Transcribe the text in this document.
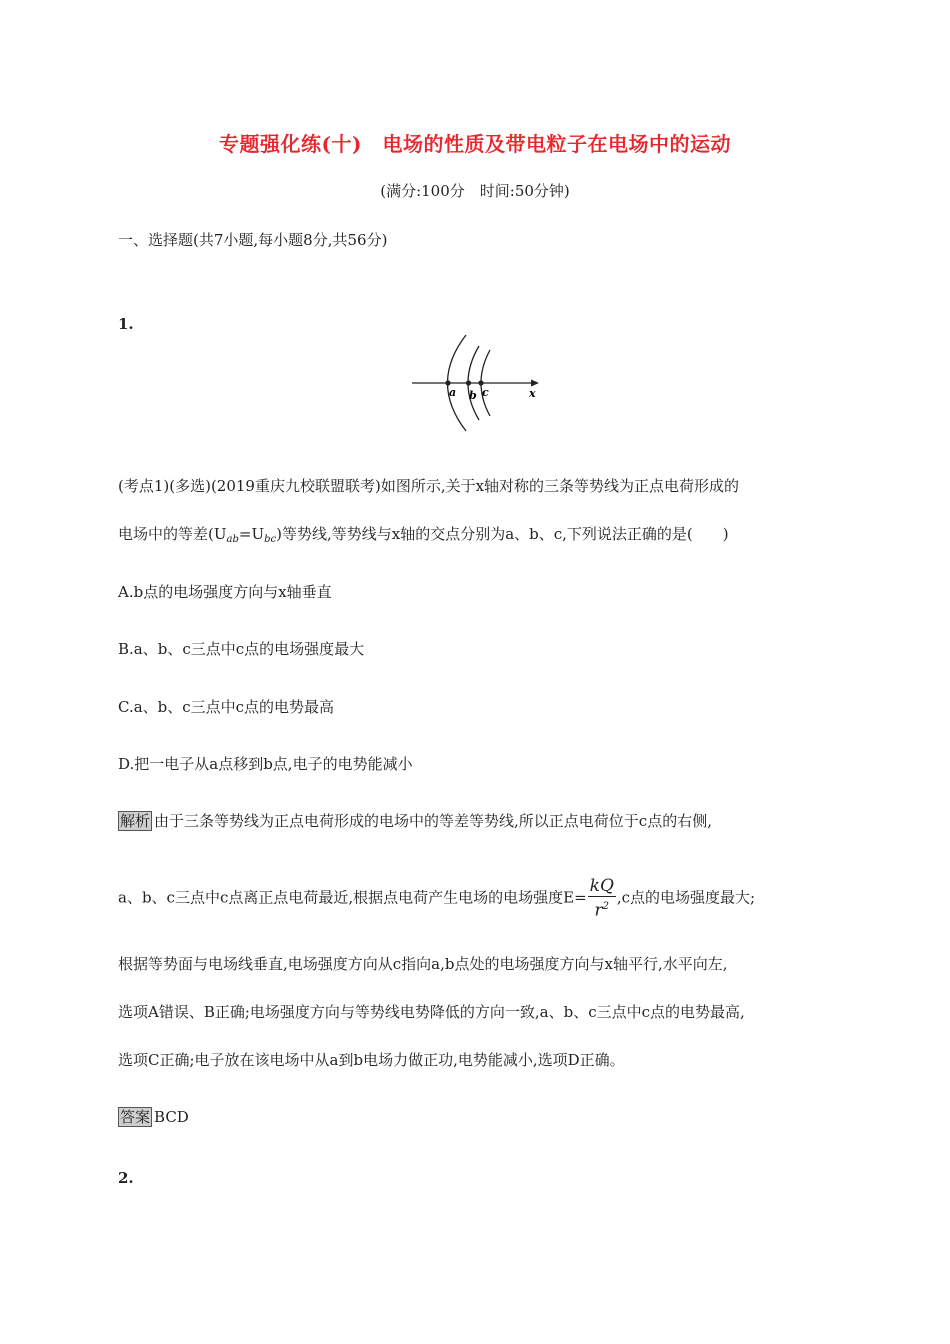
专题强化练(十)　电场的性质及带电粒子在电场中的运动
(满分:100分　时间:50分钟)
一、选择题(共7小题,每小题8分,共56分)
1.
a b c	x
(考点1)(多选)(2019重庆九校联盟联考)如图所示,关于x轴对称的三条等势线为正点电荷形成的
电场中的等差$(U_{ab}=U_{bc})$等势线,等势线与x轴的交点分别为a、b、c,下列说法正确的是(　　)
A.b点的电场强度方向与x轴垂直
B.a、b、c三点中c点的电场强度最大
C.a、b、c三点中c点的电势最高
D.把一电子从a点移到b点,电子的电势能减小
解析 由于三条等势线为正点电荷形成的电场中的等差等势线,所以正点电荷位于c点的右侧,
a、b、c三点中c点离正点电荷最近,根据点电荷产生电场的电场强度$E= \frac{kQ}{r^2} ,c$点的电场强度最大;
根据等势面与电场线垂直,电场强度方向从c指向a,b点处的电场强度方向与x轴平行,水平向左,
选项A错误、B正确;电场强度方向与等势线电势降低的方向一致,a、b、c三点中c点的电势最高,
选项C正确;电子放在该电场中从a到b电场力做正功,电势能减小,选项D正确。
答案 BCD
2.
